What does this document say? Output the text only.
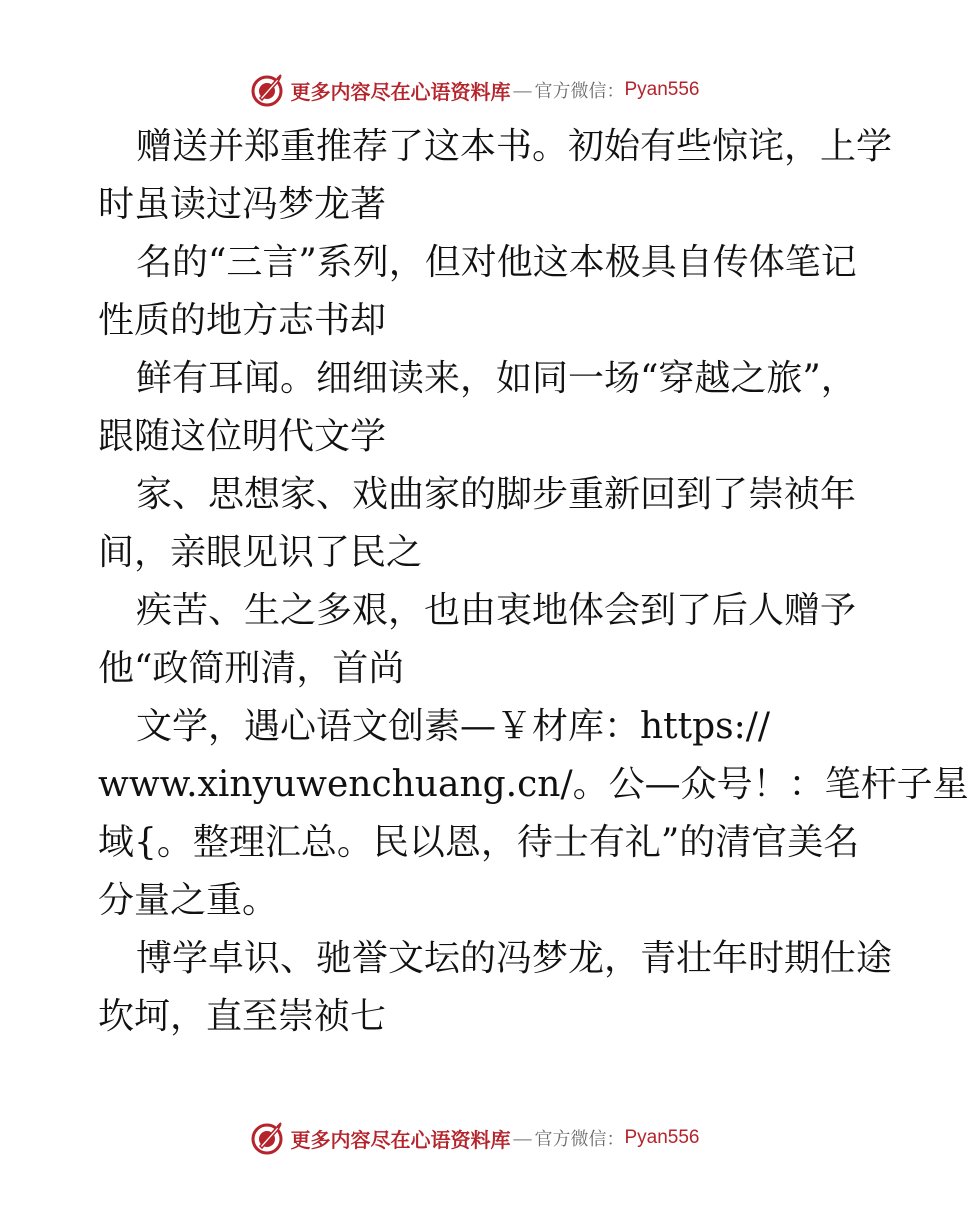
更多内容尽在心语资料库 — 官方微信： Pyan556
赠送并郑重推荐了这本书。初始有些惊诧，上学
时虽读过冯梦龙著
名的“三言”系列，但对他这本极具自传体笔记
性质的地方志书却
鲜有耳闻。细细读来，如同一场“穿越之旅”，
跟随这位明代文学
家、思想家、戏曲家的脚步重新回到了崇祯年
间，亲眼见识了民之
疾苦、生之多艰，也由衷地体会到了后人赠予
他“政简刑清，首尚
文学，遇心语文创素—￥材库：https://
www.xinyuwenchuang.cn/。公—众号！：笔杆子星
域{。整理汇总。民以恩，待士有礼”的清官美名
分量之重。
博学卓识、驰誉文坛的冯梦龙，青壮年时期仕途
坎坷，直至崇祯七
更多内容尽在心语资料库 — 官方微信： Pyan556
